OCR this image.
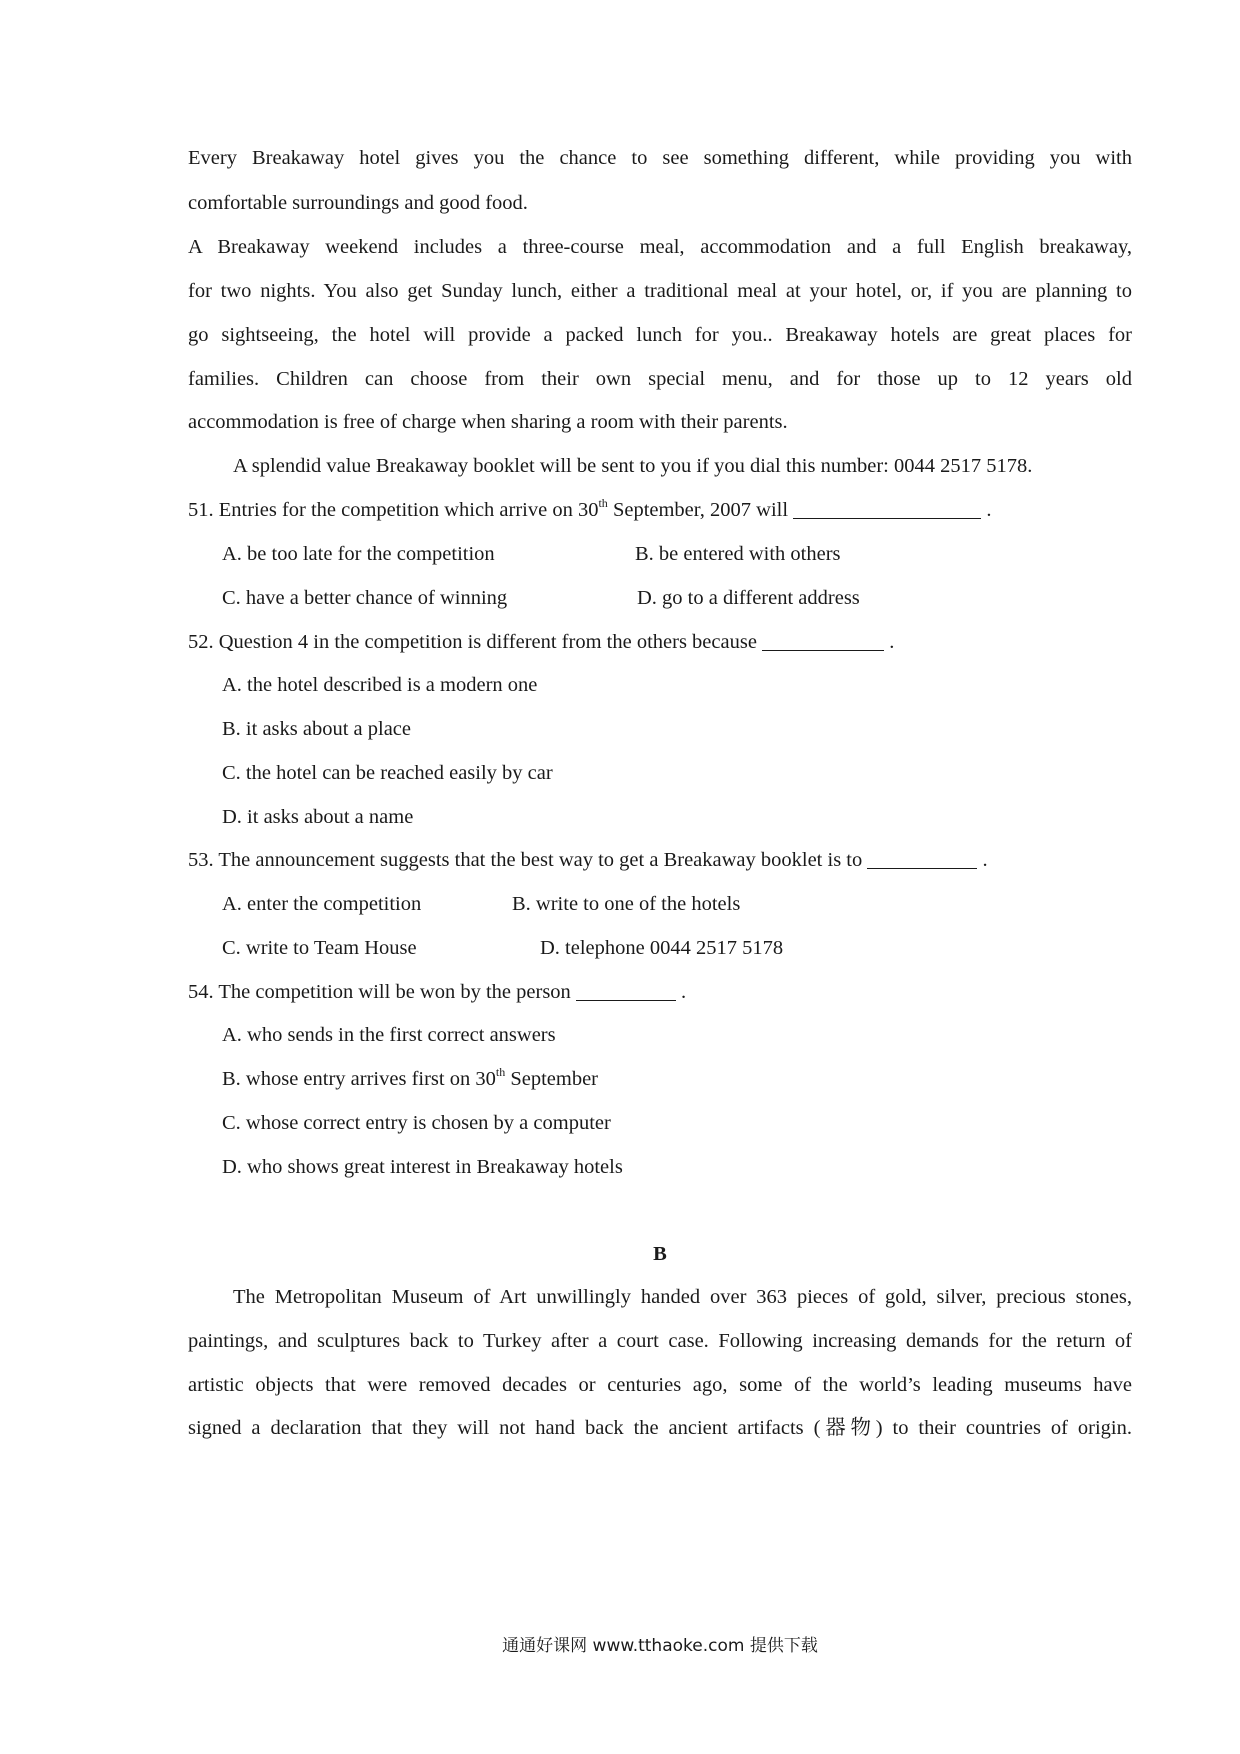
Every Breakaway hotel gives you the chance to see something different, while providing you with
comfortable surroundings and good food.
A Breakaway weekend includes a three-course meal, accommodation and a full English breakaway,
for two nights. You also get Sunday lunch, either a traditional meal at your hotel, or, if you are planning to
go sightseeing, the hotel will provide a packed lunch for you.. Breakaway hotels are great places for
families. Children can choose from their own special menu, and for those up to 12 years old
accommodation is free of charge when sharing a room with their parents.
A splendid value Breakaway booklet will be sent to you if you dial this number: 0044 2517 5178.
51. Entries for the competition which arrive on 30th September, 2007 will	.
A. be too late for the competition	B. be entered with others
C. have a better chance of winning	D. go to a different address
52. Question 4 in the competition is different from the others because	.
A. the hotel described is a modern one
B. it asks about a place
C. the hotel can be reached easily by car
D. it asks about a name
53. The announcement suggests that the best way to get a Breakaway booklet is to	.
A. enter the competition	B. write to one of the hotels
C. write to Team House	D. telephone 0044 2517 5178
54. The competition will be won by the person	.
A. who sends in the first correct answers
B. whose entry arrives first on 30th September
C. whose correct entry is chosen by a computer
D. who shows great interest in Breakaway hotels
B
The Metropolitan Museum of Art unwillingly handed over 363 pieces of gold, silver, precious stones,
paintings, and sculptures back to Turkey after a court case. Following increasing demands for the return of
artistic objects that were removed decades or centuries ago, some of the world’s leading museums have
signed a declaration that they will not hand back the ancient artifacts (器物) to their countries of origin.
通通好课网 www.tthaoke.com 提供下载
